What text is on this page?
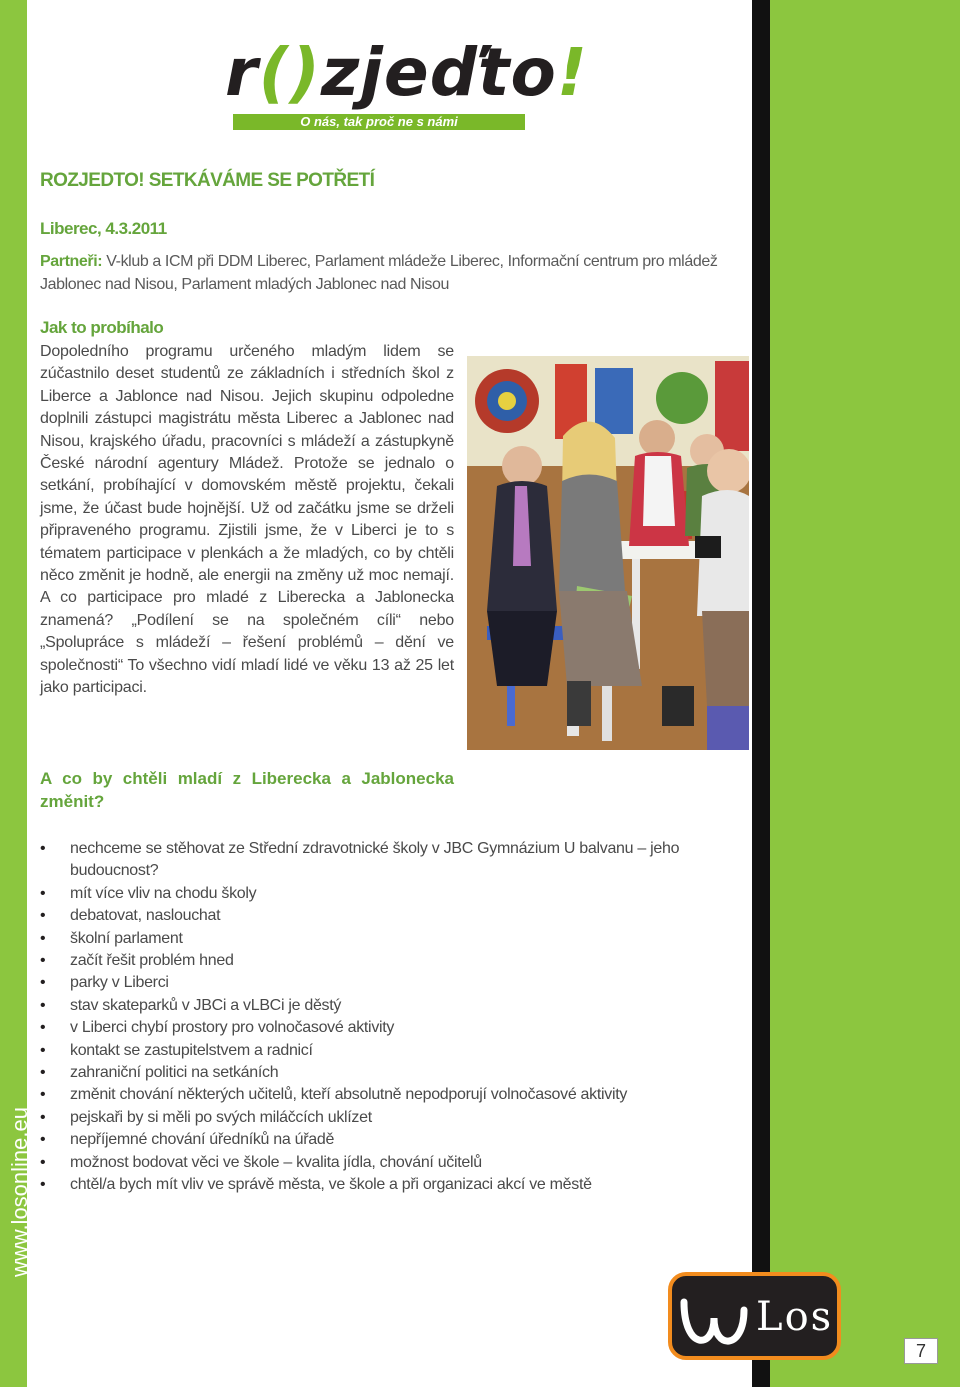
www.losonline.eu
r()zjeďto!
O nás, tak proč ne s námi
ROZJEDTO! SETKÁVÁME SE POTŘETÍ
Liberec, 4.3.2011
Partneři: V-klub a ICM při DDM Liberec, Parlament mládeže Liberec, Informační centrum pro mládež Jablonec nad Nisou, Parlament mladých Jablonec nad Nisou
Jak to probíhalo
Dopoledního programu určeného mladým lidem se zúčastnilo deset studentů ze základních i středních škol z Liberce a Jablonce nad Nisou. Jejich skupinu odpoledne doplnili zástupci magistrátu města Liberec a Jablonec nad Nisou, krajského úřadu, pracovníci s mládeží a zástupkyně České národní agentury Mládež. Protože se jednalo o setkání, probíhající v domovském městě projektu, čekali jsme, že účast bude hojnější. Už od začátku jsme se drželi připraveného programu. Zjistili jsme, že v Liberci je to s tématem participace v plenkách a že mladých, co by chtěli něco změnit je hodně, ale energii na změny už moc nemají. A co participace pro mladé z Liberecka a Jablonecka znamená? „Podílení se na společném cíli“ nebo „Spolupráce s mládeží – řešení problémů – dění ve společnosti“ To všechno vidí mladí lidé ve věku 13 až 25 let jako participaci.
A co by chtěli mladí z Liberecka a Jablonecka změnit?
• nechceme se stěhovat ze Střední zdravotnické školy v JBC Gymnázium U balvanu – jeho budoucnost?
• mít více vliv na chodu školy
• debatovat, naslouchat
• školní parlament
• začít řešit problém hned
• parky v Liberci
• stav skateparků v JBCi a vLBCi je děstý
• v Liberci chybí prostory pro volnočasové aktivity
• kontakt se zastupitelstvem a radnicí
• zahraniční politici na setkáních
• změnit chování některých učitelů, kteří absolutně nepodporují volnočasové aktivity
• pejskaři by si měli po svých miláčcích uklízet
• nepříjemné chování úředníků na úřadě
• možnost bodovat věci ve škole – kvalita jídla, chování učitelů
• chtěl/a bych mít vliv ve správě města, ve škole a při organizaci akcí ve městě
Los
7
